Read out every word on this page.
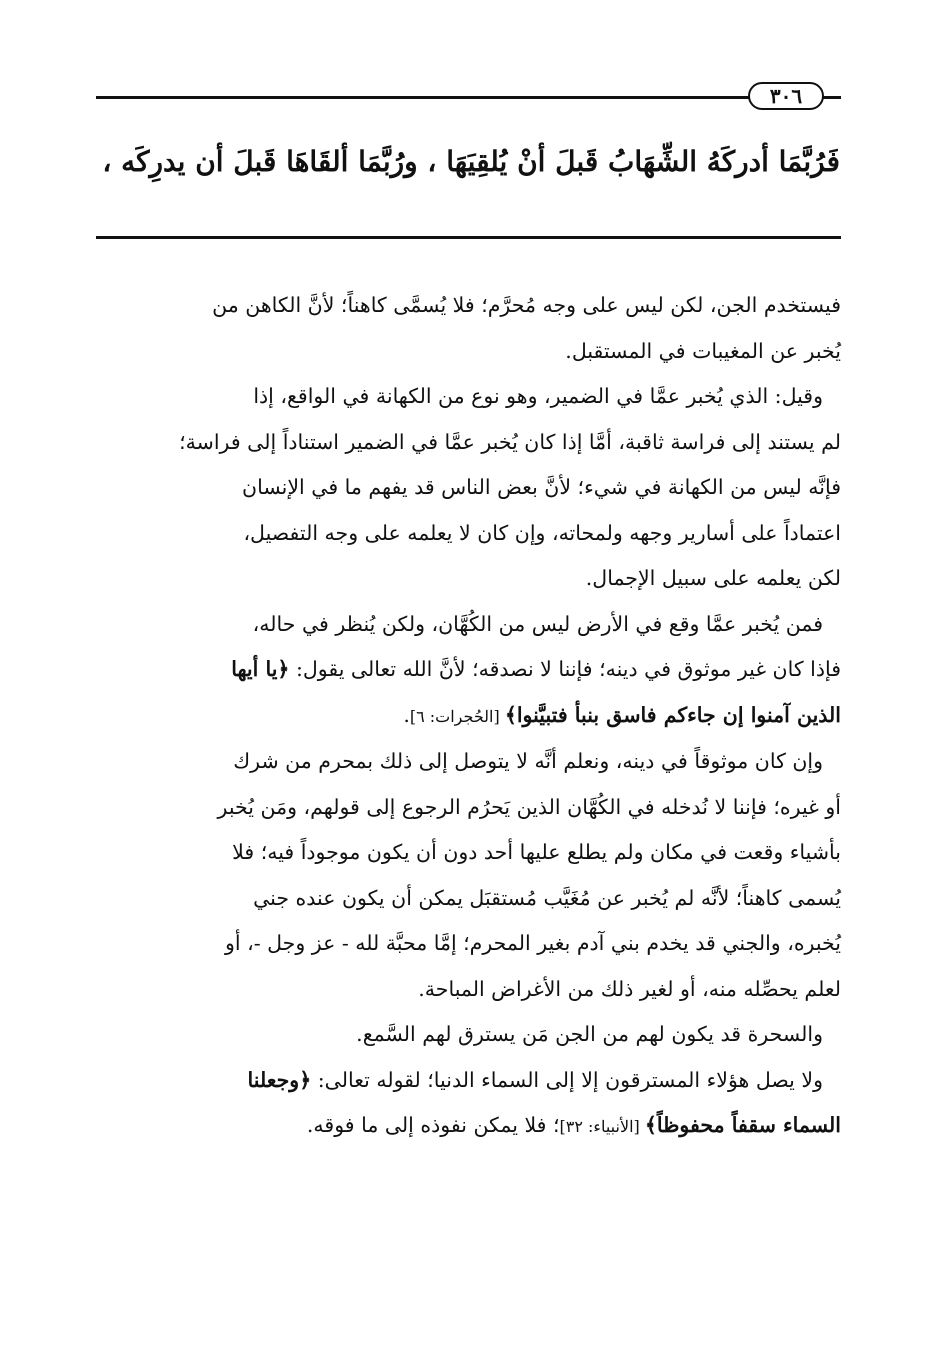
٣٠٦
فَرُبَّمَا أدركَهُ الشِّهَابُ قَبلَ أنْ يُلقِيَهَا ، ورُبَّمَا ألقَاهَا قَبلَ أن يدرِكَه ،
فيستخدم الجن، لكن ليس على وجه مُحرَّم؛ فلا يُسمَّى كاهناً؛ لأنَّ الكاهن من
يُخبر عن المغيبات في المستقبل.
وقيل: الذي يُخبر عمَّا في الضمير، وهو نوع من الكهانة في الواقع، إذا
لم يستند إلى فراسة ثاقبة، أمَّا إذا كان يُخبر عمَّا في الضمير استناداً إلى فراسة؛
فإنَّه ليس من الكهانة في شيء؛ لأنَّ بعض الناس قد يفهم ما في الإنسان
اعتماداً على أسارير وجهه ولمحاته، وإن كان لا يعلمه على وجه التفصيل،
لكن يعلمه على سبيل الإجمال.
فمن يُخبر عمَّا وقع في الأرض ليس من الكُهَّان، ولكن يُنظر في حاله،
فإذا كان غير موثوق في دينه؛ فإننا لا نصدقه؛ لأنَّ الله تعالى يقول: ﴿يا أيها
الذين آمنوا إن جاءكم فاسق بنبأ فتبيَّنوا﴾ [الحُجرات: ٦].
وإن كان موثوقاً في دينه، ونعلم أنَّه لا يتوصل إلى ذلك بمحرم من شرك
أو غيره؛ فإننا لا نُدخله في الكُهَّان الذين يَحرُم الرجوع إلى قولهم، ومَن يُخبر
بأشياء وقعت في مكان ولم يطلع عليها أحد دون أن يكون موجوداً فيه؛ فلا
يُسمى كاهناً؛ لأنَّه لم يُخبر عن مُغَيَّب مُستقبَل يمكن أن يكون عنده جني
يُخبره، والجني قد يخدم بني آدم بغير المحرم؛ إمَّا محبَّة لله - عز وجل -، أو
لعلم يحصِّله منه، أو لغير ذلك من الأغراض المباحة.
والسحرة قد يكون لهم من الجن مَن يسترق لهم السَّمع.
ولا يصل هؤلاء المسترقون إلا إلى السماء الدنيا؛ لقوله تعالى: ﴿وجعلنا
السماء سقفاً محفوظاً﴾ [الأنبياء: ٣٢]؛ فلا يمكن نفوذه إلى ما فوقه.
